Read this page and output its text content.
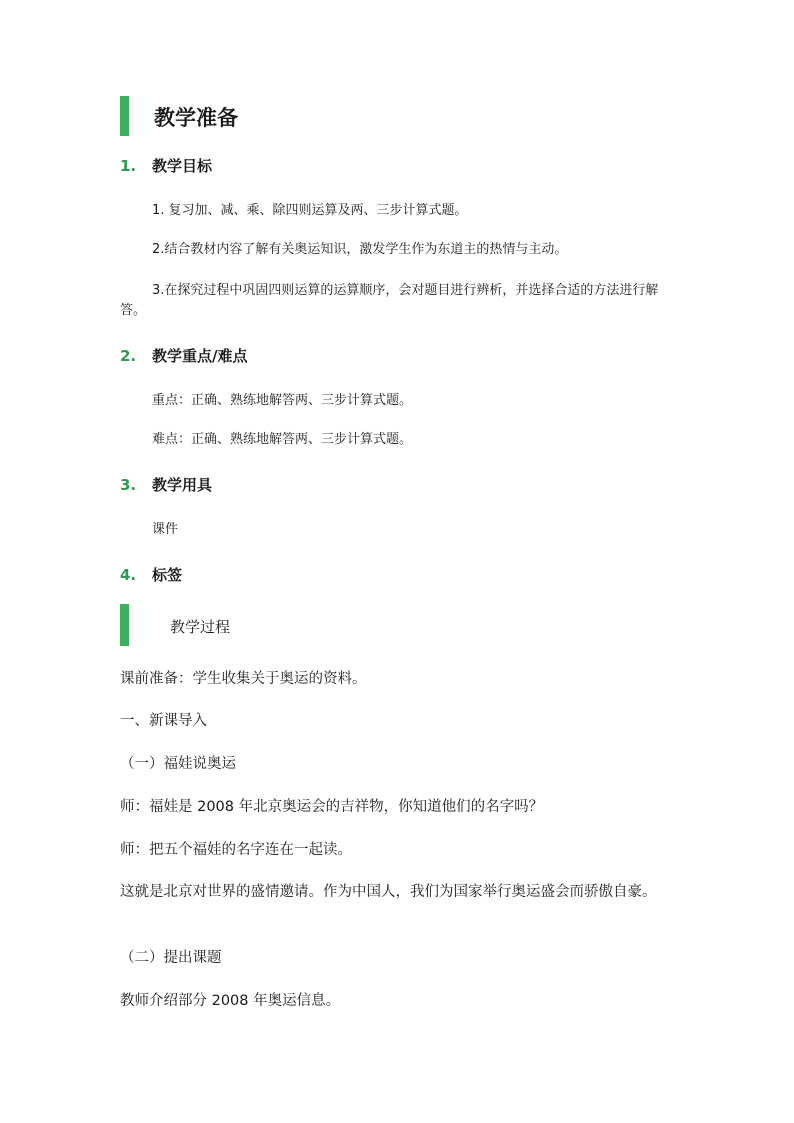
教学准备
1. 教学目标

1. 复习加、减、乘、除四则运算及两、三步计算式题。

2.结合教材内容了解有关奥运知识，激发学生作为东道主的热情与主动。

3.在探究过程中巩固四则运算的运算顺序，会对题目进行辨析，并选择合适的方法进行解答。

2. 教学重点/难点

重点：正确、熟练地解答两、三步计算式题。

难点：正确、熟练地解答两、三步计算式题。

3. 教学用具

课件

4. 标签
教学过程

课前准备：学生收集关于奥运的资料。

一、新课导入

（一）福娃说奥运

师：福娃是 2008 年北京奥运会的吉祥物，你知道他们的名字吗？

师：把五个福娃的名字连在一起读。

这就是北京对世界的盛情邀请。作为中国人，我们为国家举行奥运盛会而骄傲自豪。

（二）提出课题

教师介绍部分 2008 年奥运信息。
